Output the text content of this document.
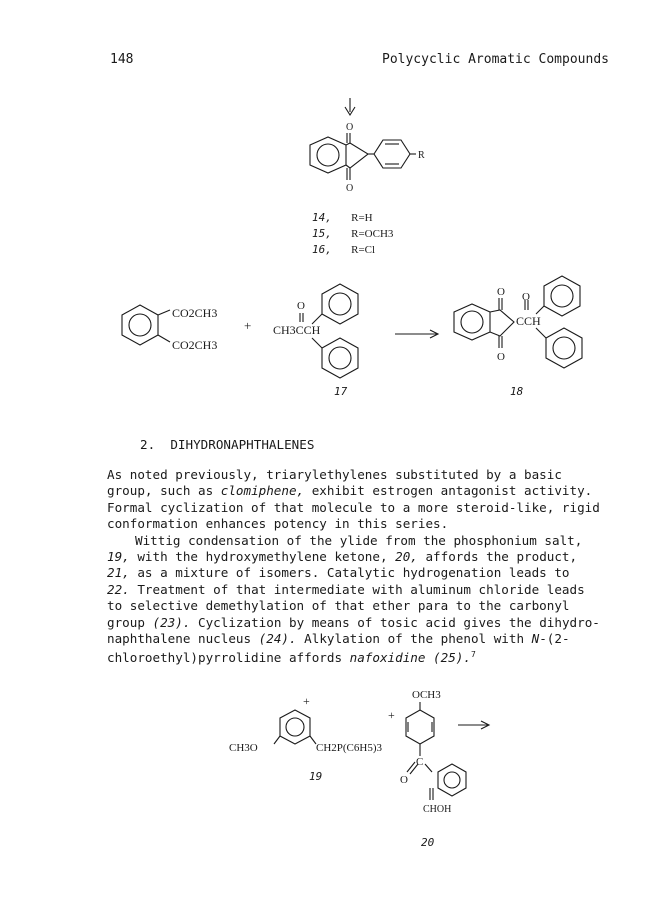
148	Polycyclic Aromatic Compounds
O
O
R
14, R=H
15, R=OCH3
16, R=Cl
CO2CH3
CO2CH3
+
O
CH3CCH
17
O O
CCH
O
18
2. DIHYDRONAPHTHALENES

As noted previously, triarylethylenes substituted by a basic
group, such as clomiphene, exhibit estrogen antagonist activity.
Formal cyclization of that molecule to a more steroid-like, rigid
conformation enhances potency in this series.

Wittig condensation of the ylide from the phosphonium salt,
19, with the hydroxymethylene ketone, 20, affords the product,
21, as a mixture of isomers. Catalytic hydrogenation leads to
22. Treatment of that intermediate with aluminum chloride leads
to selective demethylation of that ether para to the carbonyl
group (23). Cyclization by means of tosic acid gives the dihydro-
naphthalene nucleus (24). Alkylation of the phenol with N-(2-
chloroethyl)pyrrolidine affords nafoxidine (25).$^7$

OCH3
+
+
CH3O	CH2P(C6H5)3
C
O
19
CHOH
20
